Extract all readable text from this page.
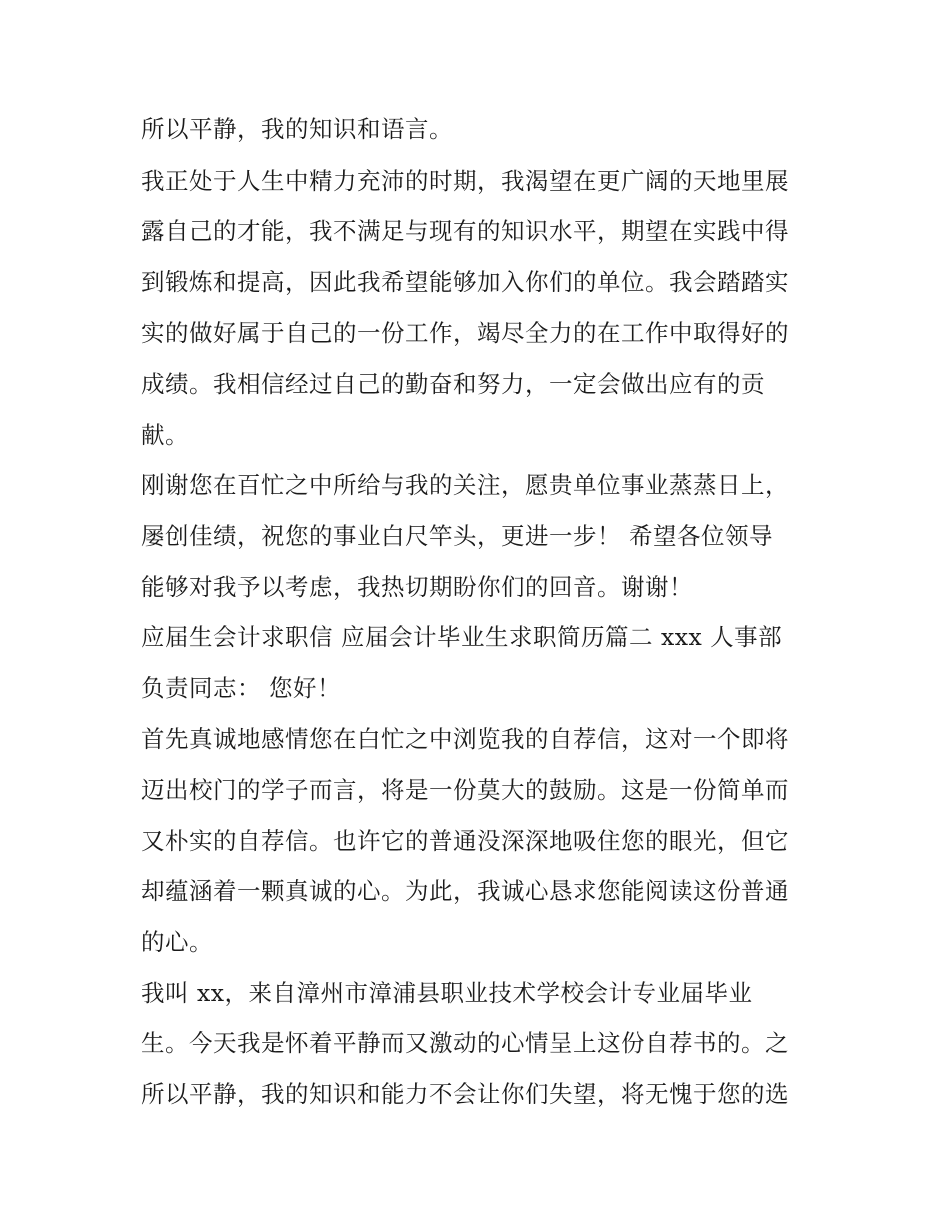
所以平静，我的知识和语言。
我正处于人生中精力充沛的时期，我渴望在更广阔的天地里展
露自己的才能，我不满足与现有的知识水平，期望在实践中得
到锻炼和提高，因此我希望能够加入你们的单位。我会踏踏实
实的做好属于自己的一份工作，竭尽全力的在工作中取得好的
成绩。我相信经过自己的勤奋和努力，一定会做出应有的贡
献。
刚谢您在百忙之中所给与我的关注，愿贵单位事业蒸蒸日上，
屡创佳绩，祝您的事业白尺竿头，更进一步！ 希望各位领导
能够对我予以考虑，我热切期盼你们的回音。谢谢！
应届生会计求职信 应届会计毕业生求职简历篇二 xxx 人事部
负责同志： 您好！
首先真诚地感情您在白忙之中浏览我的自荐信，这对一个即将
迈出校门的学子而言，将是一份莫大的鼓励。这是一份简单而
又朴实的自荐信。也许它的普通没深深地吸住您的眼光，但它
却蕴涵着一颗真诚的心。为此，我诚心恳求您能阅读这份普通
的心。
我叫 xx，来自漳州市漳浦县职业技术学校会计专业届毕业
生。今天我是怀着平静而又激动的心情呈上这份自荐书的。之
所以平静，我的知识和能力不会让你们失望，将无愧于您的选
